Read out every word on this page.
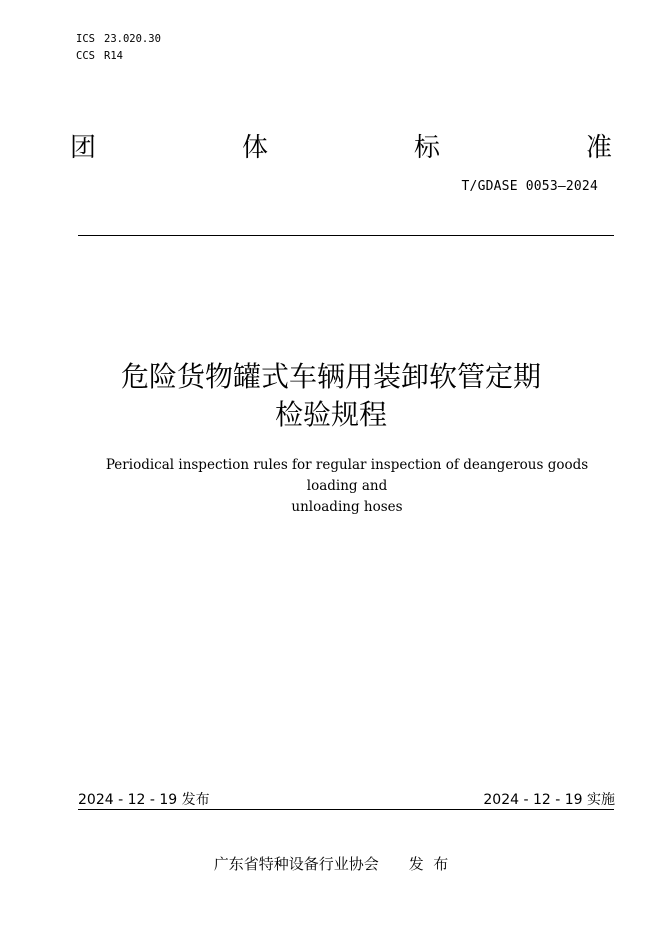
ICS 23.020.30
CCS R14
团	体	标	准
T/GDASE 0053—2024
危险货物罐式车辆用装卸软管定期
检验规程
Periodical inspection rules for regular inspection of deangerous goods loading and
unloading hoses
2024 - 12 - 19 发布	2024 - 12 - 19 实施
广东省特种设备行业协会 发  布
